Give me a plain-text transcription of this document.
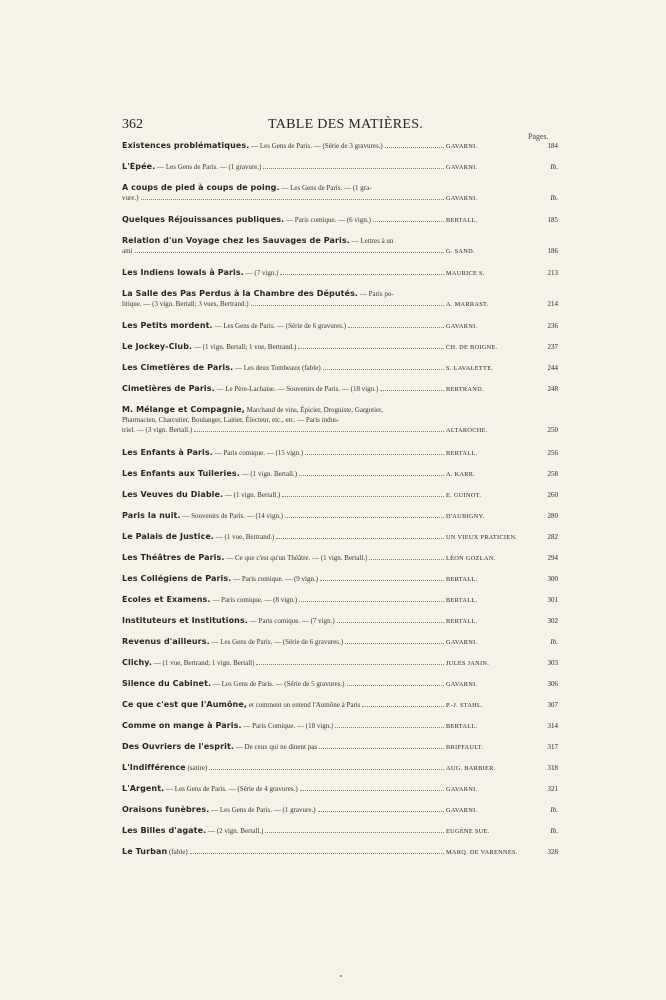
362	TABLE DES MATIÈRES.
Pages.
Existences problématiques. — Les Gens de Paris. — (Série de 3 gravures.)	GAVARNI.	184
L'Épée. — Les Gens de Paris. — (1 gravure.)	GAVARNI.	Ib.
A coups de pied à coups de poing. — Les Gens de Paris. — (1 gra-
vure.)	GAVARNI.	Ib.
Quelques Réjouissances publiques. — Paris comique. — (6 vign.)	BERTALL.	185
Relation d'un Voyage chez les Sauvages de Paris. — Lettres à un
ami	G. SAND.	186
Les Indiens Iowals à Paris. — (7 vign.)	MAURICE S.	213
La Salle des Pas Perdus à la Chambre des Députés. — Paris po-
litique. — (3 vign. Bertall; 3 vues, Bertrand.)	A. MARRAST.	214
Les Petits mordent. — Les Gens de Paris. — (Série de 6 gravures.)	GAVARNI.	236
Le Jockey-Club. — (1 vign. Bertall; 1 vue, Bertrand.)	CH. DE BOIGNE.	237
Les Cimetières de Paris. — Les deux Tombeaux (fable)	S. LAVALETTE.	244
Cimetières de Paris. — Le Père-Lachaise. — Souvenirs de Paris. — (18 vign.)	BERTRAND.	248
M. Mélange et Compagnie, Marchand de vins, Épicier, Droguiste, Gargotier,
Pharmacien, Charcutier, Boulanger, Laitier, Électeur, etc., etc. — Paris indus-
triel. — (3 vign. Bertall.)	ALTAROCHE.	250
Les Enfants à Paris. — Paris comique. — (15 vign.)	BERTALL.	256
Les Enfants aux Tuileries. — (1 vign. Bertall.)	A. KARR.	258
Les Veuves du Diable. — (1 vign. Bertall.)	E. GUINOT.	260
Paris la nuit. — Souvenirs de Paris. — (14 vign.)	D'AUBIGNY.	280
Le Palais de Justice. — (1 vue, Bertrand.)	UN VIEUX PRATICIEN.	282
Les Théâtres de Paris. — Ce que c'est qu'un Théâtre. — (1 vign. Bertall.)	LÉON GOZLAN.	294
Les Collégiens de Paris. — Paris comique. — (9 vign.)	BERTALL.	300
Écoles et Examens. — Paris comique. — (8 vign.)	BERTALL.	301
Instituteurs et Institutions. — Paris comique. — (7 vign.)	BERTALL.	302
Revenus d'ailleurs. — Les Gens de Paris. — (Série de 6 gravures.)	GAVARNI.	Ib.
Clichy. — (1 vue, Bertrand; 1 vign. Bertall)	JULES JANIN.	303
Silence du Cabinet. — Les Gens de Paris. — (Série de 5 gravures.)	GAVARNI.	306
Ce que c'est que l'Aumône, et comment on entend l'Aumône à Paris	P.-J. STAHL.	307
Comme on mange à Paris. — Paris Comique. — (18 vign.)	BERTALL.	314
Des Ouvriers de l'esprit. — De ceux qui ne dinent pas	BRIFFAULT.	317
L'Indifférence (satire)	AUG. BARBIER.	318
L'Argent. — Les Gens de Paris. — (Série de 4 gravures.)	GAVARNI.	321
Oraisons funèbres. — Les Gens de Paris. — (1 gravure.)	GAVARNI.	Ib.
Les Billes d'agate. — (2 vign. Bertall.)	EUGÈNE SUE.	Ib.
Le Turban (fable)	MARQ. DE VARENNES.	328
